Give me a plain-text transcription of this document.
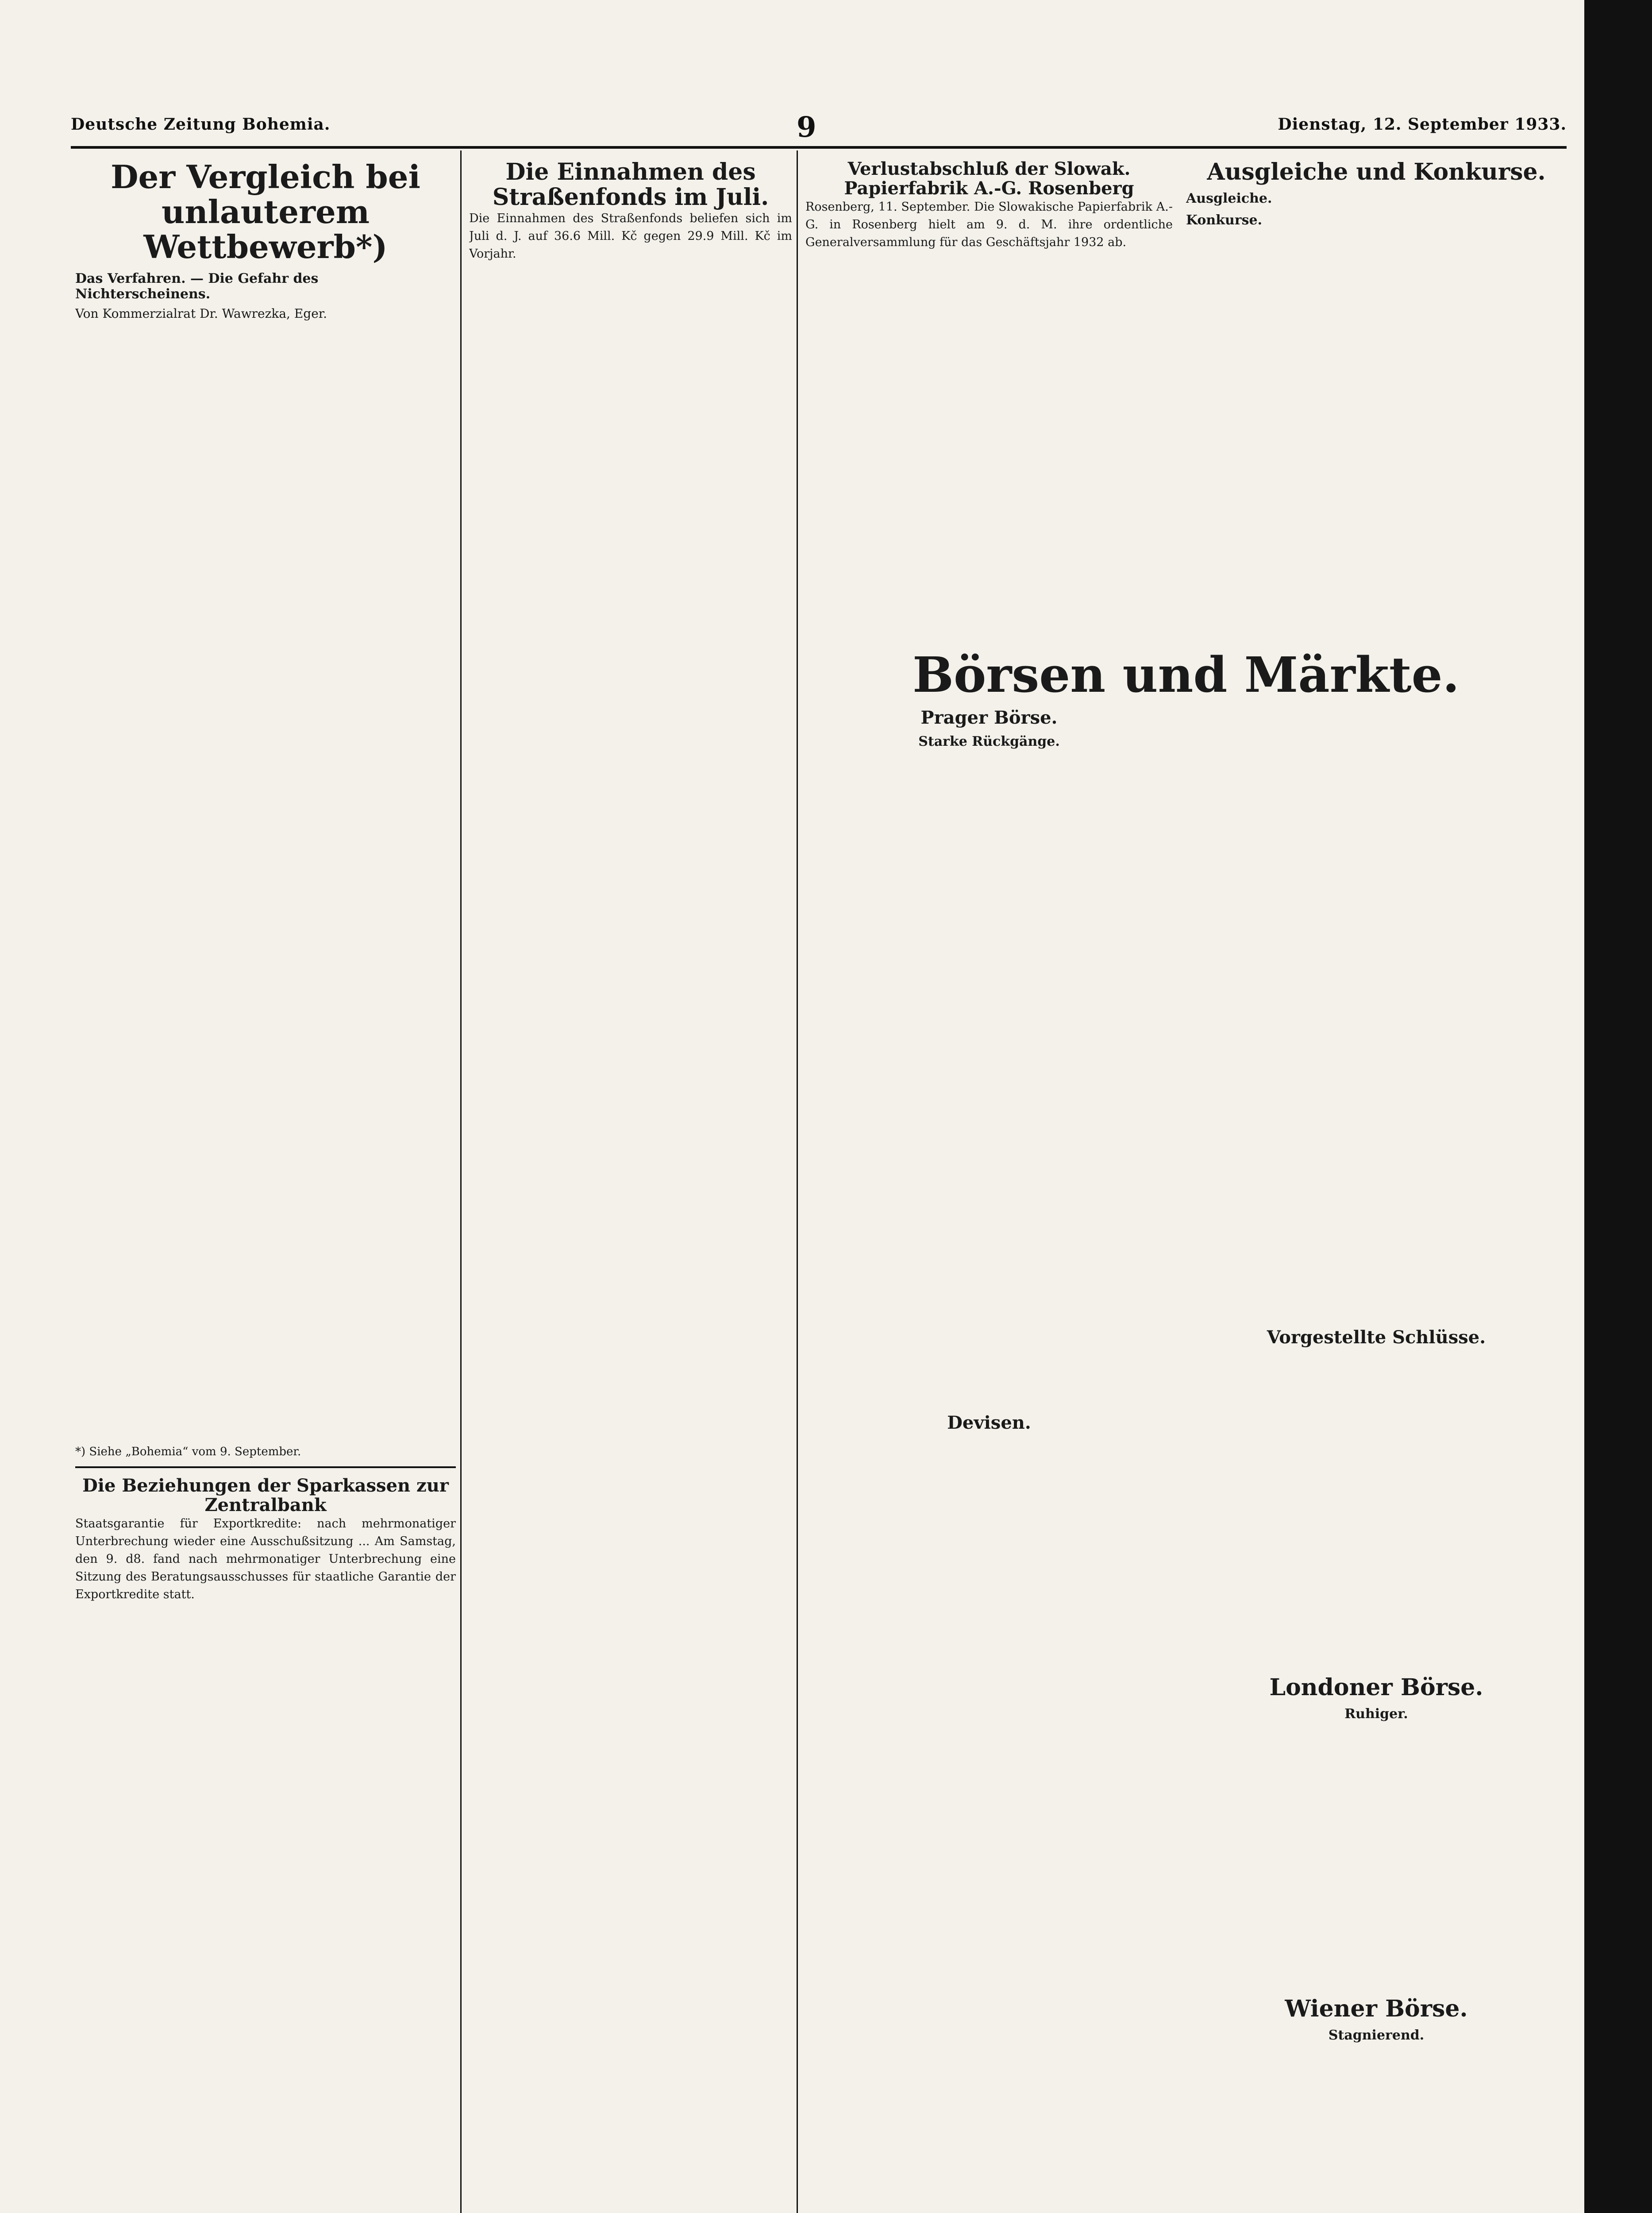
Deutsche Zeitung Bohemia.	9	Dienstag, 12. September 1933.
Der Vergleich bei unlauterem Wettbewerb*)
Das Verfahren. — Die Gefahr des Nichterscheinens.
Von Kommerzialrat Dr. Wawrezka, Eger.
*) Siehe „Bohemia“ vom 9. September.
Die Beziehungen der Sparkassen zur Zentralbank
Staatsgarantie für Exportkredite: nach mehrmonatiger Unterbrechung wieder eine Ausschußsitzung ... Am Samstag, den 9. d8. fand nach mehrmonatiger Unterbrechung eine Sitzung des Beratungsausschusses für staatliche Garantie der Exportkredite statt.
Die Einnahmen des Straßenfonds im Juli.
Die Einnahmen des Straßenfonds beliefen sich im Juli d. J. auf 36.6 Mill. Kč gegen 29.9 Mill. Kč im Vorjahr.
Verlustabschluß der Slowak. Papierfabrik A.-G. Rosenberg
Rosenberg, 11. September. Die Slowakische Papierfabrik A.-G. in Rosenberg hielt am 9. d. M. ihre ordentliche Generalversammlung für das Geschäftsjahr 1932 ab.
Ausgleiche und Konkurse.
Ausgleiche.
Konkurse.
Börsen und Märkte.
Prager Börse.
Starke Rückgänge.
Devisen.
Vorgestellte Schlüsse.
Londoner Börse.
Ruhiger.
Wiener Börse.
Stagnierend.
